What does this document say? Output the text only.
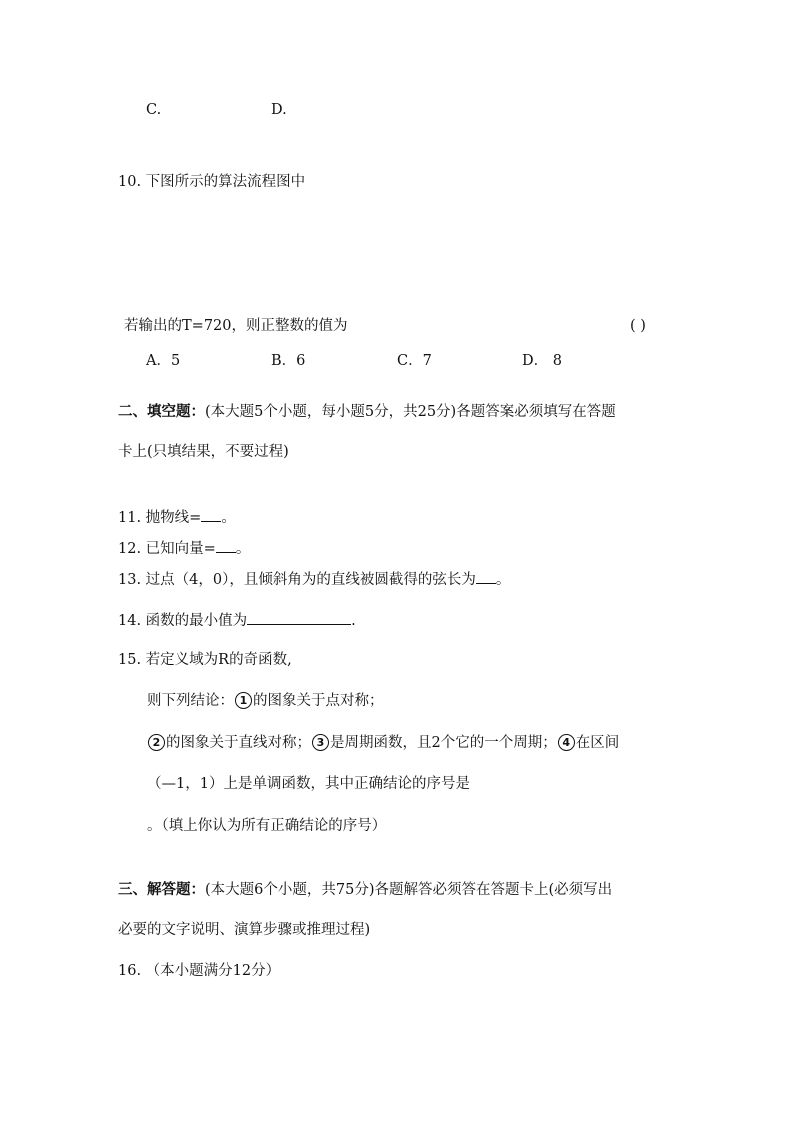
C.	D.
10. 下图所示的算法流程图中
若输出的T=720，则正整数的值为	( )
A．5	B．6	C．7	D． 8
二、填空题：(本大题5个小题，每小题5分，共25分)各题答案必须填写在答题
卡上(只填结果，不要过程)
11. 抛物线= 。
12. 已知向量= 。
13. 过点（4，0），且倾斜角为的直线被圆截得的弦长为 。
14. 函数的最小值为	.
15. 若定义域为R的奇函数,
则下列结论： 1 的图象关于点对称；
2 的图象关于直线对称； 3 是周期函数，且2个它的一个周期； 4 在区间
（—1，1）上是单调函数，其中正确结论的序号是
。（填上你认为所有正确结论的序号）
三、解答题：(本大题6个小题，共75分)各题解答必须答在答题卡上(必须写出
必要的文字说明、演算步骤或推理过程)
16. （本小题满分12分）
